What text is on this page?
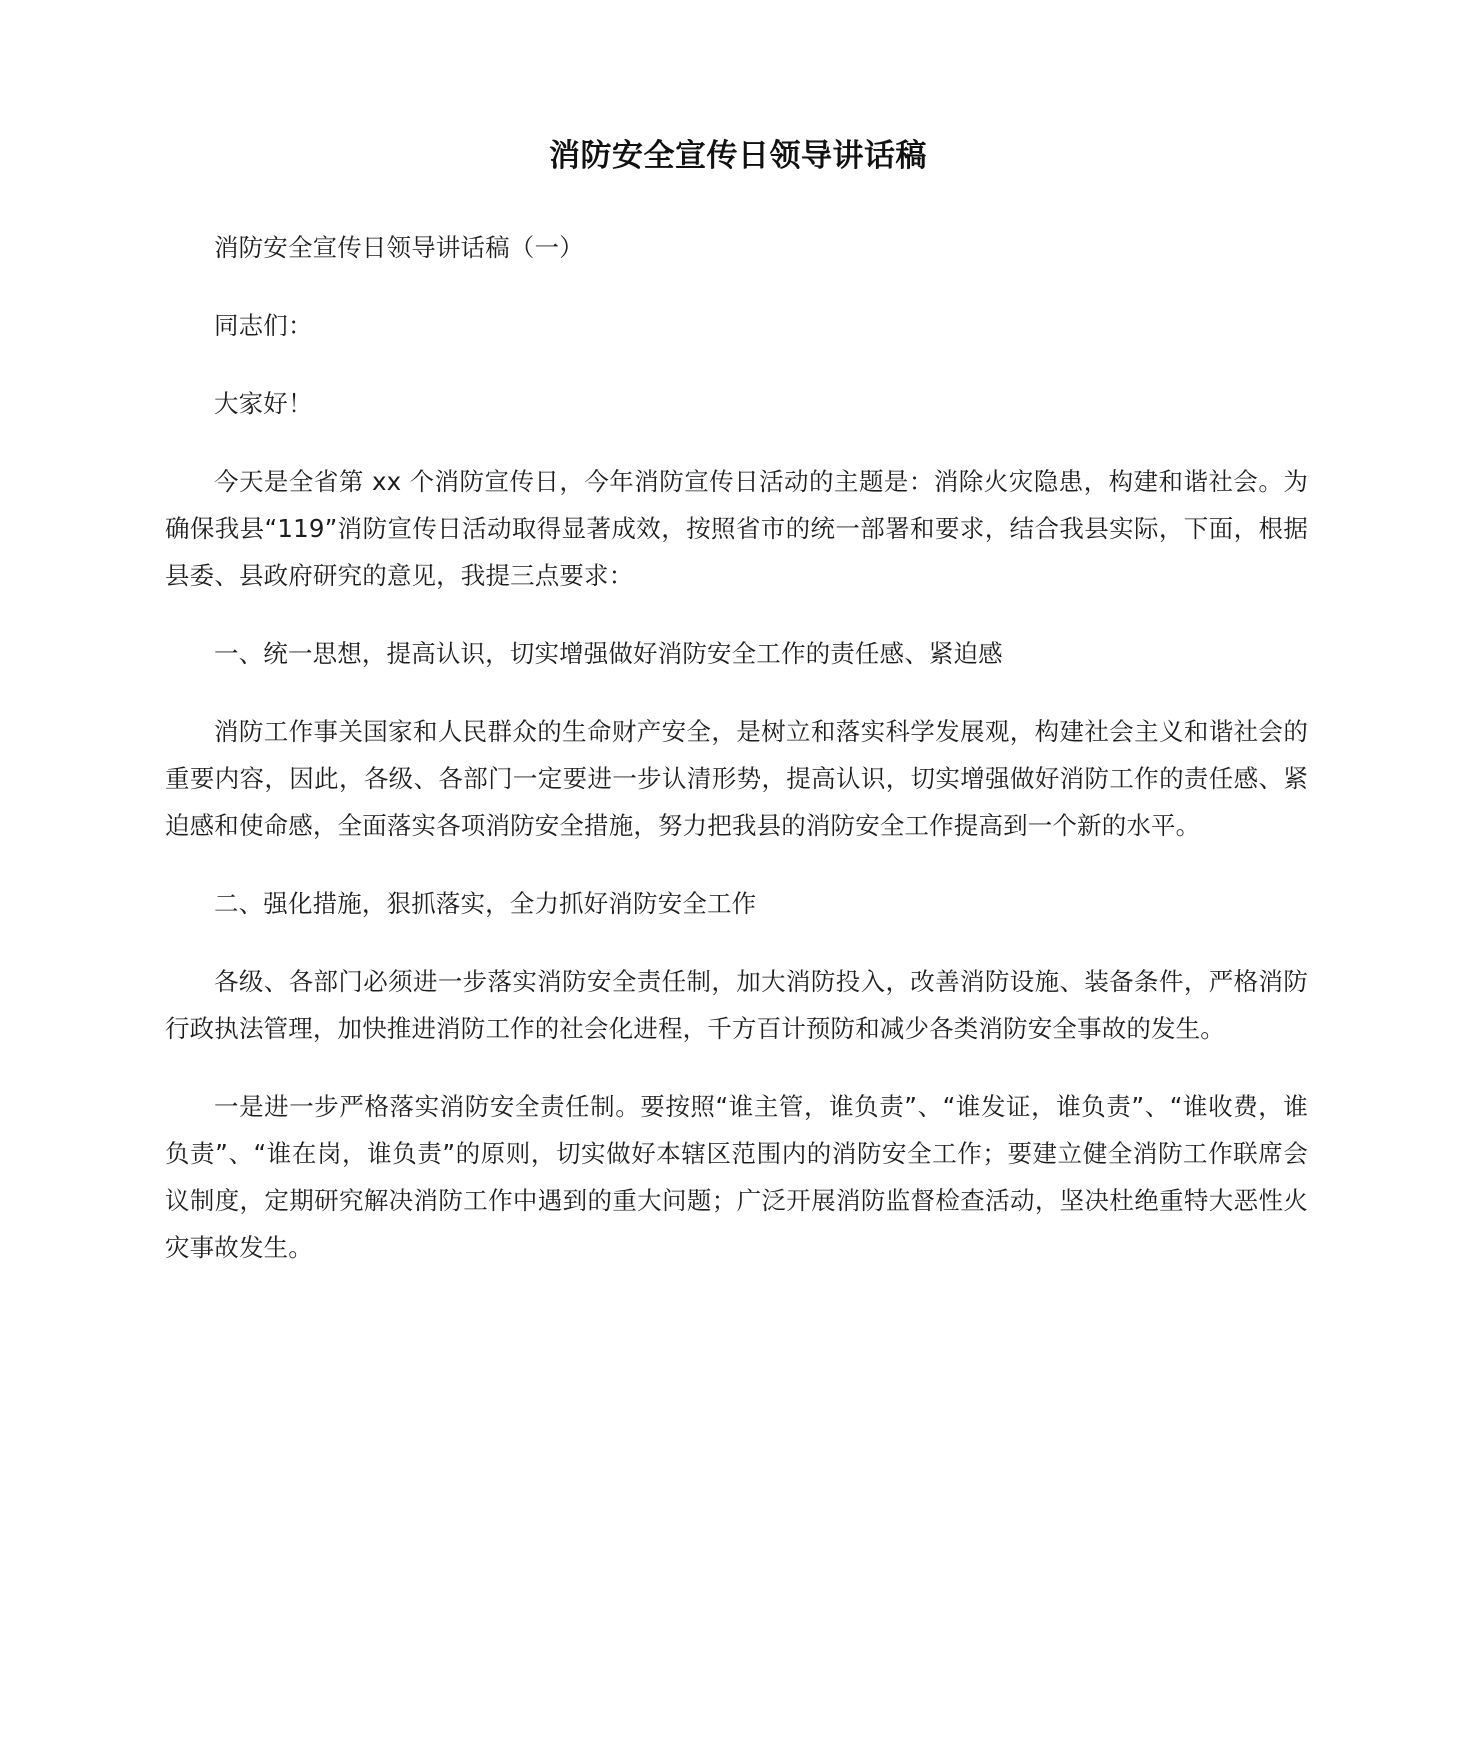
消防安全宣传日领导讲话稿

消防安全宣传日领导讲话稿（一）

同志们：

大家好！

今天是全省第 xx 个消防宣传日，今年消防宣传日活动的主题是：消除火灾隐患，构建和谐社会。为确保我县“119”消防宣传日活动取得显著成效，按照省市的统一部署和要求，结合我县实际，下面，根据县委、县政府研究的意见，我提三点要求：

一、统一思想，提高认识，切实增强做好消防安全工作的责任感、紧迫感

消防工作事关国家和人民群众的生命财产安全，是树立和落实科学发展观，构建社会主义和谐社会的重要内容，因此，各级、各部门一定要进一步认清形势，提高认识，切实增强做好消防工作的责任感、紧迫感和使命感，全面落实各项消防安全措施，努力把我县的消防安全工作提高到一个新的水平。

二、强化措施，狠抓落实，全力抓好消防安全工作

各级、各部门必须进一步落实消防安全责任制，加大消防投入，改善消防设施、装备条件，严格消防行政执法管理，加快推进消防工作的社会化进程，千方百计预防和减少各类消防安全事故的发生。

一是进一步严格落实消防安全责任制。要按照“谁主管，谁负责”、“谁发证，谁负责”、“谁收费，谁负责”、“谁在岗，谁负责”的原则，切实做好本辖区范围内的消防安全工作；要建立健全消防工作联席会议制度，定期研究解决消防工作中遇到的重大问题；广泛开展消防监督检查活动，坚决杜绝重特大恶性火灾事故发生。
